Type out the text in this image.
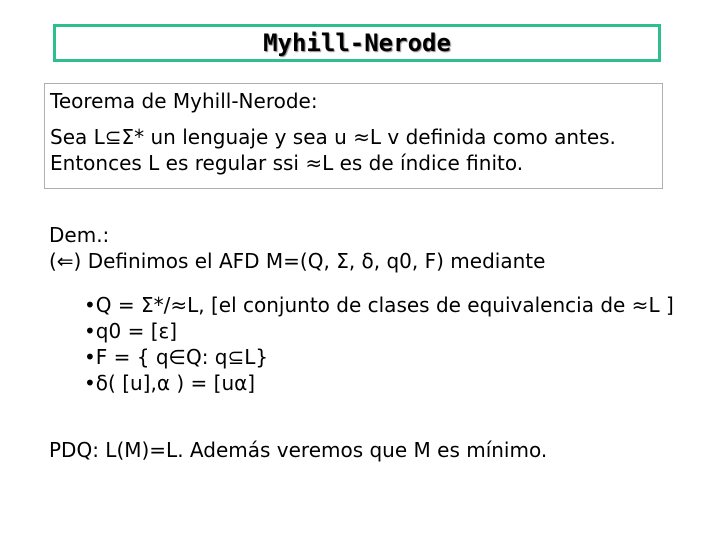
Myhill-Nerode
Teorema de Myhill-Nerode:
Sea L⊆Σ* un lenguaje y sea u ≈L v definida como antes.
Entonces L es regular ssi ≈L es de índice finito.
Dem.:
(⇐) Definimos el AFD M=(Q, Σ, δ, q0, F) mediante
•Q = Σ*/≈L, [el conjunto de clases de equivalencia de ≈L ]
•q0 = [ε]
•F = { q∈Q: q⊆L}
•δ( [u],α ) = [uα]
PDQ: L(M)=L. Además veremos que M es mínimo.
